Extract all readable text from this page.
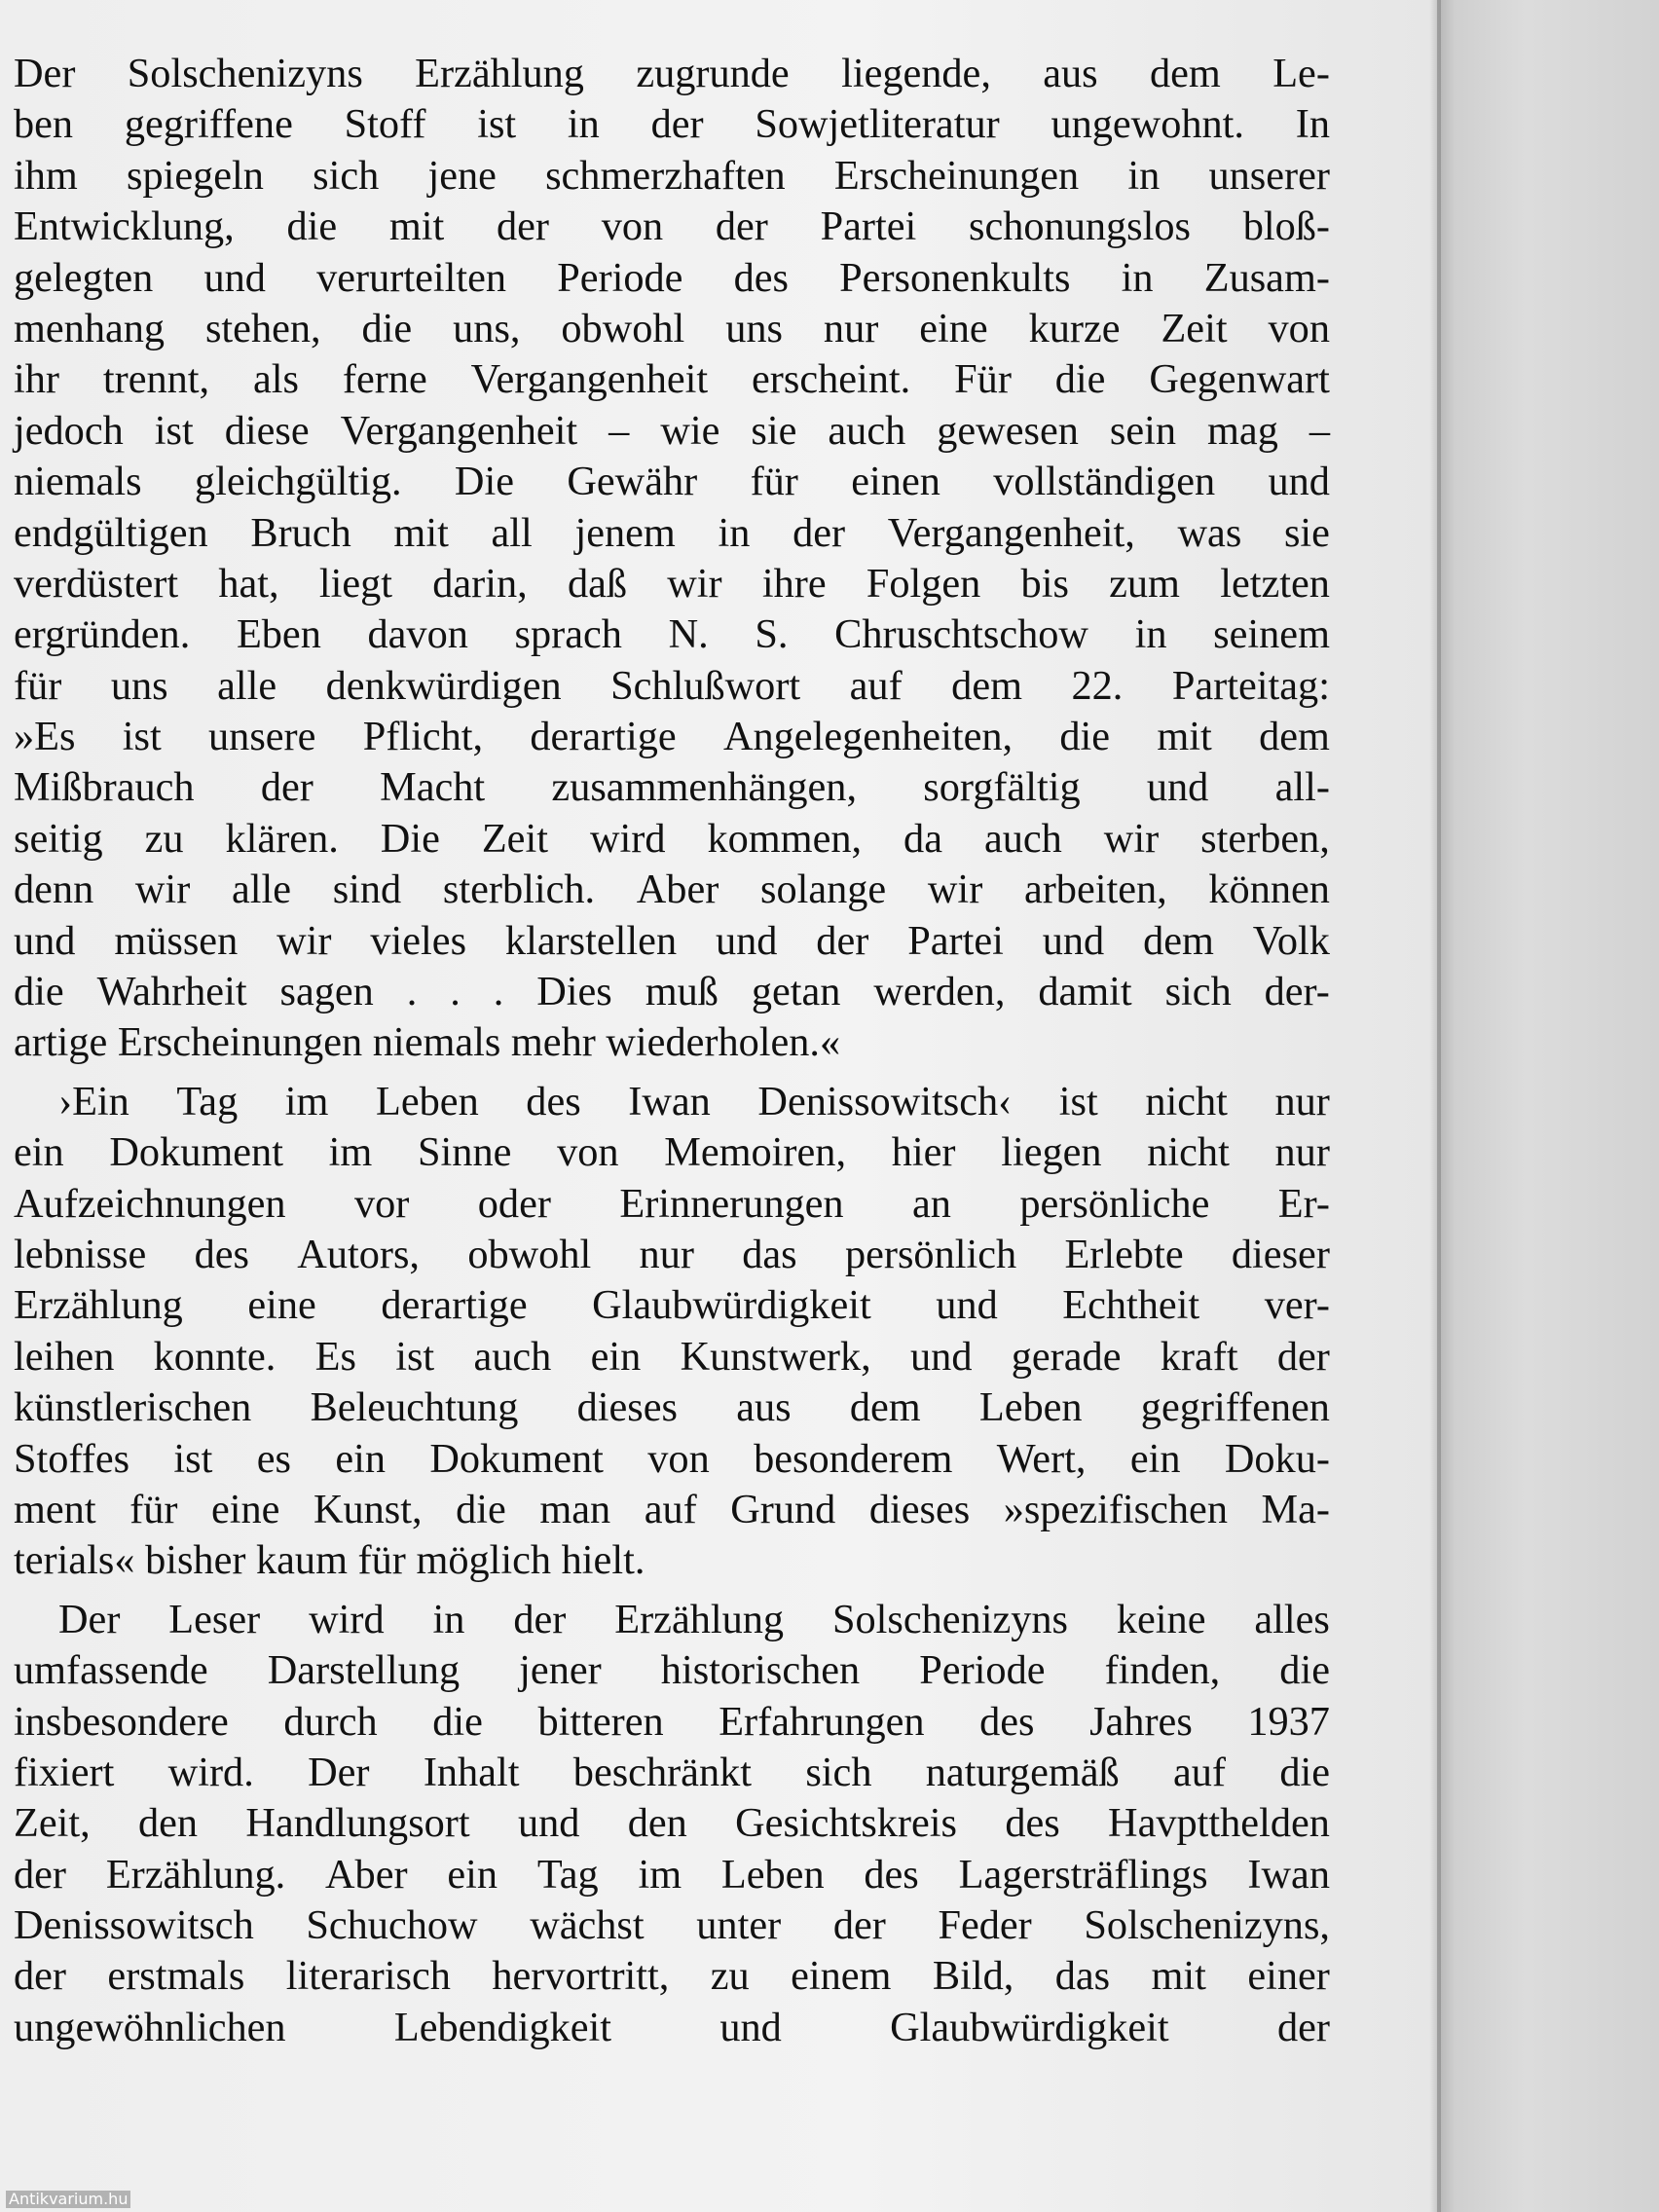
Der Solschenizyns Erzählung zugrunde liegende, aus dem Le-
ben gegriffene Stoff ist in der Sowjetliteratur ungewohnt. In
ihm spiegeln sich jene schmerzhaften Erscheinungen in unserer
Entwicklung, die mit der von der Partei schonungslos bloß-
gelegten und verurteilten Periode des Personenkults in Zusam-
menhang stehen, die uns, obwohl uns nur eine kurze Zeit von
ihr trennt, als ferne Vergangenheit erscheint. Für die Gegenwart
jedoch ist diese Vergangenheit – wie sie auch gewesen sein mag –
niemals gleichgültig. Die Gewähr für einen vollständigen und
endgültigen Bruch mit all jenem in der Vergangenheit, was sie
verdüstert hat, liegt darin, daß wir ihre Folgen bis zum letzten
ergründen. Eben davon sprach N. S. Chruschtschow in seinem
für uns alle denkwürdigen Schlußwort auf dem 22. Parteitag:
»Es ist unsere Pflicht, derartige Angelegenheiten, die mit dem
Mißbrauch der Macht zusammenhängen, sorgfältig und all-
seitig zu klären. Die Zeit wird kommen, da auch wir sterben,
denn wir alle sind sterblich. Aber solange wir arbeiten, können
und müssen wir vieles klarstellen und der Partei und dem Volk
die Wahrheit sagen . . . Dies muß getan werden, damit sich der-
artige Erscheinungen niemals mehr wiederholen.«
›Ein Tag im Leben des Iwan Denissowitsch‹ ist nicht nur
ein Dokument im Sinne von Memoiren, hier liegen nicht nur
Aufzeichnungen vor oder Erinnerungen an persönliche Er-
lebnisse des Autors, obwohl nur das persönlich Erlebte dieser
Erzählung eine derartige Glaubwürdigkeit und Echtheit ver-
leihen konnte. Es ist auch ein Kunstwerk, und gerade kraft der
künstlerischen Beleuchtung dieses aus dem Leben gegriffenen
Stoffes ist es ein Dokument von besonderem Wert, ein Doku-
ment für eine Kunst, die man auf Grund dieses »spezifischen Ma-
terials« bisher kaum für möglich hielt.
Der Leser wird in der Erzählung Solschenizyns keine alles
umfassende Darstellung jener historischen Periode finden, die
insbesondere durch die bitteren Erfahrungen des Jahres 1937
fixiert wird. Der Inhalt beschränkt sich naturgemäß auf die
Zeit, den Handlungsort und den Gesichtskreis des Havptthelden
der Erzählung. Aber ein Tag im Leben des Lagersträflings Iwan
Denissowitsch Schuchow wächst unter der Feder Solschenizyns,
der erstmals literarisch hervortritt, zu einem Bild, das mit einer
ungewöhnlichen	Lebendigkeit	und	Glaubwürdigkeit	der
Antikvarium.hu
